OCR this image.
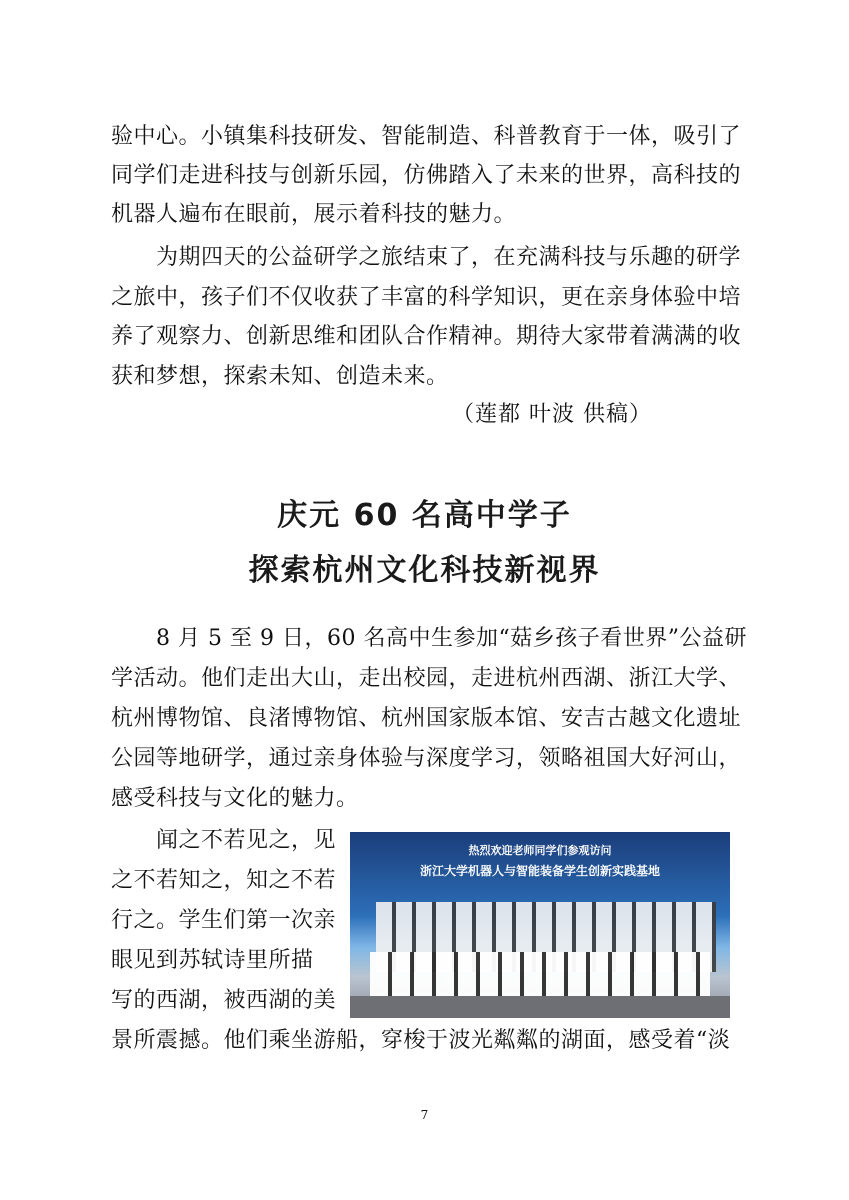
验中心。小镇集科技研发、智能制造、科普教育于一体，吸引了
同学们走进科技与创新乐园，仿佛踏入了未来的世界，高科技的
机器人遍布在眼前，展示着科技的魅力。
　　为期四天的公益研学之旅结束了，在充满科技与乐趣的研学
之旅中，孩子们不仅收获了丰富的科学知识，更在亲身体验中培
养了观察力、创新思维和团队合作精神。期待大家带着满满的收
获和梦想，探索未知、创造未来。
（莲都 叶波 供稿）
庆元 60 名高中学子
探索杭州文化科技新视界
　　8 月 5 至 9 日，60 名高中生参加“菇乡孩子看世界”公益研
学活动。他们走出大山，走出校园，走进杭州西湖、浙江大学、
杭州博物馆、良渚博物馆、杭州国家版本馆、安吉古越文化遗址
公园等地研学，通过亲身体验与深度学习，领略祖国大好河山，
感受科技与文化的魅力。
　　闻之不若见之，见
之不若知之，知之不若
行之。学生们第一次亲
眼见到苏轼诗里所描
写的西湖，被西湖的美
景所震撼。他们乘坐游船，穿梭于波光粼粼的湖面，感受着“淡
热烈欢迎老师同学们参观访问
浙江大学机器人与智能装备学生创新实践基地
7
